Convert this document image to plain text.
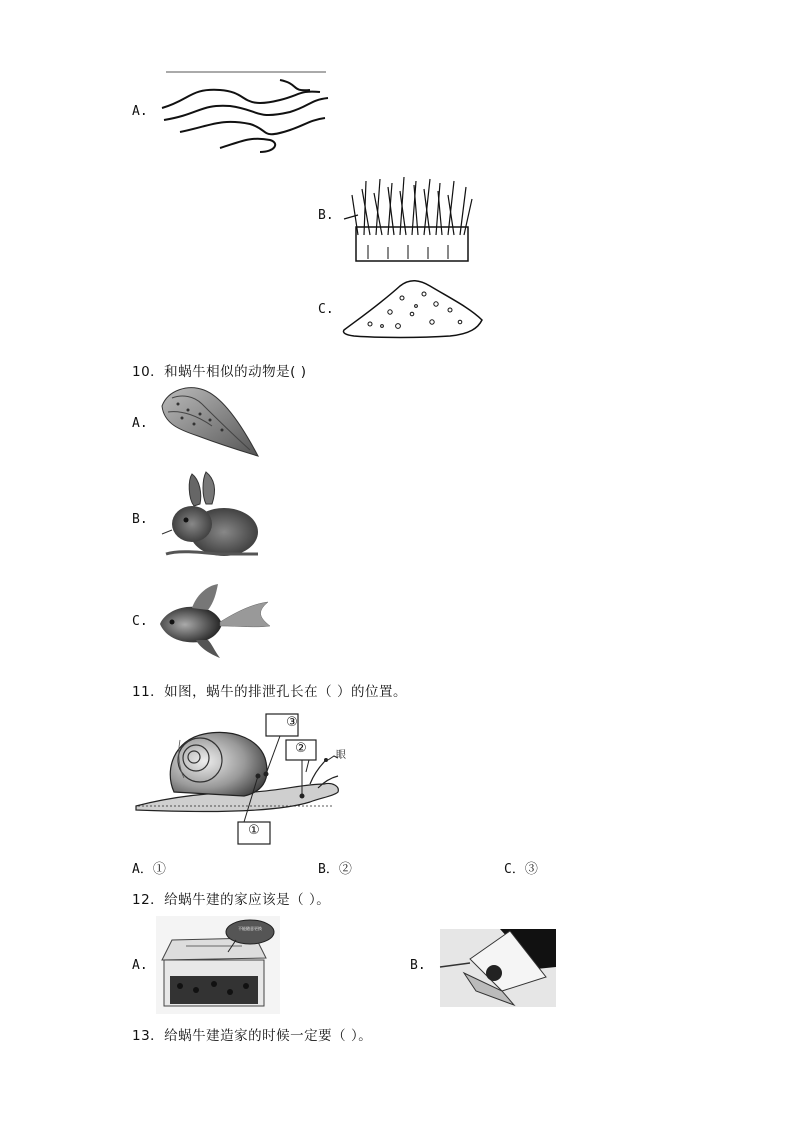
A.
B.
C.
10．和蜗牛相似的动物是( )
A.
B.
C.
11．如图，蜗牛的排泄孔长在（ ）的位置。
③
②
①
眼
A．①	B．②	C．③
12．给蜗牛建的家应该是（ ）。
A.
不能随意更换
B.
13．给蜗牛建造家的时候一定要（ ）。
